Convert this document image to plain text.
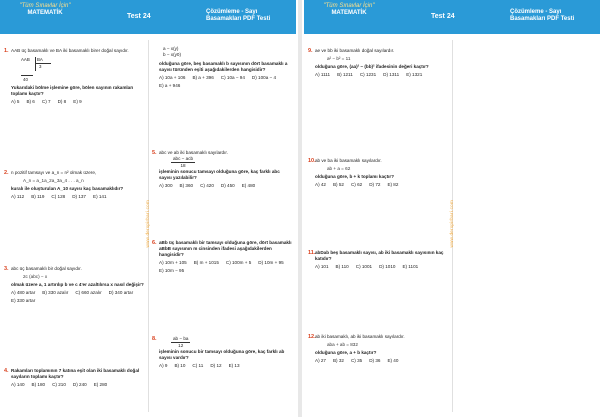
"Tüm Sınavlar İçin"
MATEMATİK	Test 24
Çözümleme - Sayı Basamakları PDF Testi
www.derspirbari.com
1. AAB üç basamaklı ve BA iki basamaklı birer doğal sayıdır.
AAB BA
3
40
Yukarıdaki bölme işlemine göre, bölen sayının rakamları toplamı kaçtır?
A) 5 B) 6 C) 7 D) 8 E) 9
2. n pozitif tamsayı ve a_n = n² olmak üzere,
A_n = a_1a_2a_3a_4 . . . a_n
kuralı ile oluşturulan A_10 sayısı kaç basamaklıdır?
A) 112 B) 119 C) 128 D) 137 E) 141
3. abc üç basamaklı bir doğal sayıdır.
2c (abc) − x
olmak üzere a, 1 artırılıp b ve c 4'er azaltılırsa x nasıl değişir?
A) 480 artar B) 330 azalır C) 660 azalır D) 340 artar
E) 330 artar
4. Rakamları toplamının 7 katına eşit olan iki basamaklı doğal sayıların toplamı kaçtır?
A) 140 B) 180 C) 210 D) 240 E) 280
a − x(y)
b − x(y0)
olduğuna göre, beş basamaklı b sayısının dört basamaklı a sayısı türünden eşiti aşağıdakilerden hangisidir?
A) 10a + 106 B) a + 396 C) 10a − 94 D) 100a − 4
E) a + 946
5. abc ve ab iki basamaklı sayılardır.
$\frac{\text{abc − acb}}{18}$
işleminin sonucu tamsayı olduğuna göre, kaç farklı abc sayısı yazılabilir?
A) 300 B) 360 C) 420 D) 450 E) 480
6. aBb üç basamaklı bir tamsayı olduğuna göre, dört basamaklı aBbB sayısının m cinsinden ifadesi aşağıdakilerden hangisidir?
A) 10m + 105 B) m + 1015 C) 100m + 5 D) 10m + 95
E) 10m − 95
8.	$\frac{ab - ba}{12}$
işleminin sonucu bir tamsayı olduğuna göre, kaç farklı ab sayısı vardır?
A) 9 B) 10 C) 11 D) 12 E) 13
"Tüm Sınavlar İçin"
MATEMATİK	Test 24
Çözümleme - Sayı Basamakları PDF Testi
www.derspirbari.com
9. ae ve bb iki basamaklı doğal sayılardır.
a² − b² = 11
olduğuna göre, (aa)² − (bb)² ifadesinin değeri kaçtır?
A) 1111 B) 1211 C) 1231 D) 1311 E) 1321
10. ab ve ba iki basamaklı sayılardır.
ab + a = 62
olduğuna göre, b + k toplamı kaçtır?
A) 42 B) 52 C) 62 D) 72 E) 82
11. abDab beş basamaklı sayısı, ab iki basamaklı sayısının kaç katıdır?
A) 101 B) 110 C) 1001 D) 1010 E) 1101
12. ab iki basamaklı, ab iki basamaklı sayılardır.
aba + ab = 832
olduğuna göre, a + b kaçtır?
A) 27 B) 32 C) 35 D) 36 E) 40
